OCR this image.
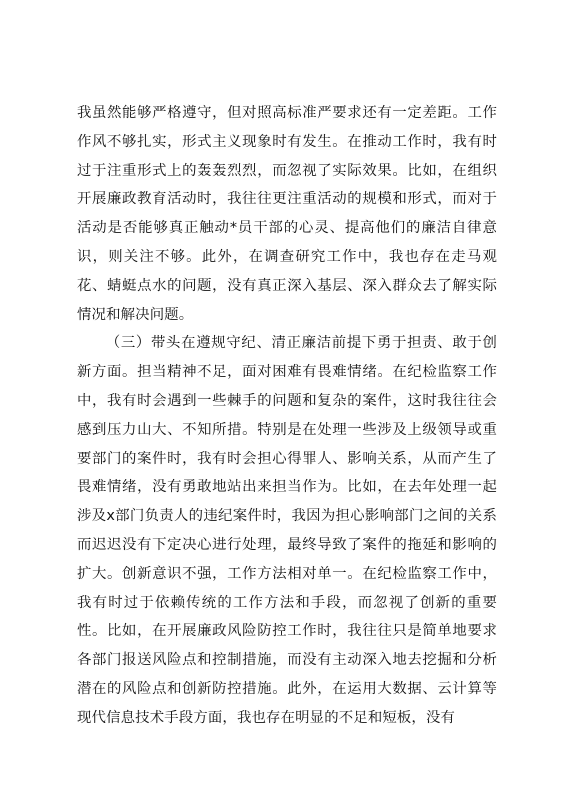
我虽然能够严格遵守，但对照高标准严要求还有一定差距。工作作风不够扎实，形式主义现象时有发生。在推动工作时，我有时过于注重形式上的轰轰烈烈，而忽视了实际效果。比如，在组织开展廉政教育活动时，我往往更注重活动的规模和形式，而对于活动是否能够真正触动*员干部的心灵、提高他们的廉洁自律意识，则关注不够。此外，在调查研究工作中，我也存在走马观花、蜻蜓点水的问题，没有真正深入基层、深入群众去了解实际情况和解决问题。

（三）带头在遵规守纪、清正廉洁前提下勇于担责、敢于创新方面。担当精神不足，面对困难有畏难情绪。在纪检监察工作中，我有时会遇到一些棘手的问题和复杂的案件，这时我往往会感到压力山大、不知所措。特别是在处理一些涉及上级领导或重要部门的案件时，我有时会担心得罪人、影响关系，从而产生了畏难情绪，没有勇敢地站出来担当作为。比如，在去年处理一起涉及x部门负责人的违纪案件时，我因为担心影响部门之间的关系而迟迟没有下定决心进行处理，最终导致了案件的拖延和影响的扩大。创新意识不强，工作方法相对单一。在纪检监察工作中，我有时过于依赖传统的工作方法和手段，而忽视了创新的重要性。比如，在开展廉政风险防控工作时，我往往只是简单地要求各部门报送风险点和控制措施，而没有主动深入地去挖掘和分析潜在的风险点和创新防控措施。此外，在运用大数据、云计算等现代信息技术手段方面，我也存在明显的不足和短板，没有
